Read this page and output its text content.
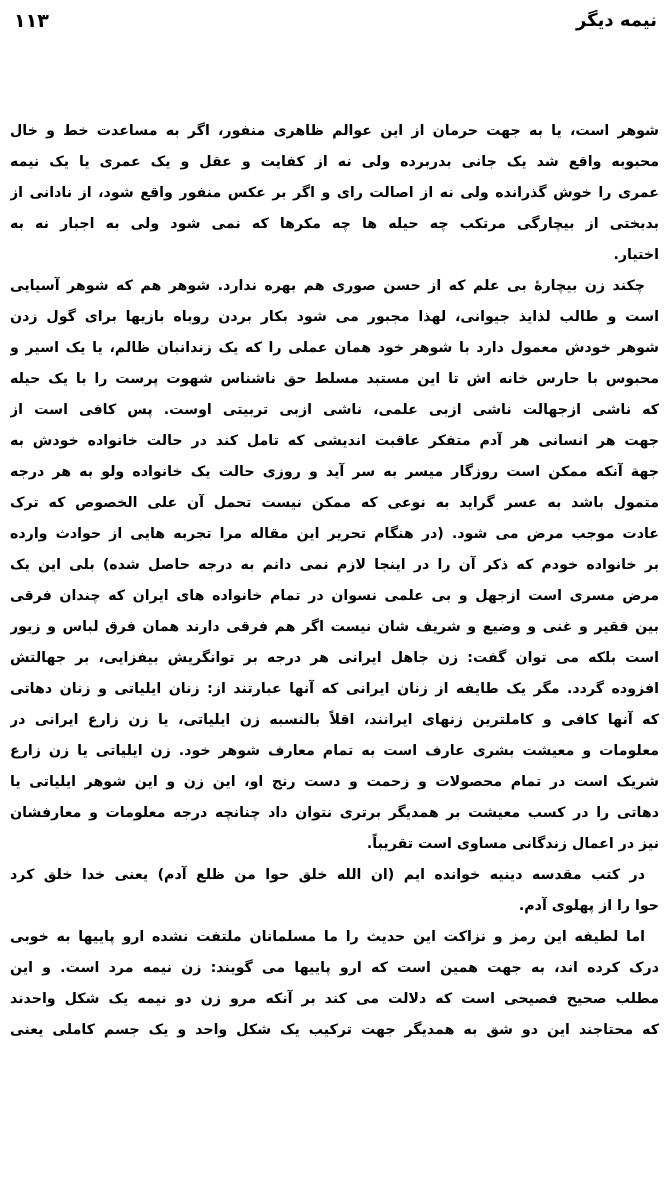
۱۱۳	نیمه دیگر
شوهر است، یا به جهت حرمان از این عوالم ظاهری منفور، اگر به مساعدت خط و خال
محبوبه واقع شد یک جانی بدربرده ولی نه از کفایت و عقل و یک عمری یا یک نیمه
عمری را خوش گذرانده ولی نه از اصالت رای و اگر بر عکس منفور واقع شود، از نادانی از
بدبختی از بیچارگی مرتکب چه حیله ها چه مکرها که نمی شود ولی به اجبار نه به
اختیار.
چکند زن بیچارهٔ بی علم که از حسن صوری هم بهره ندارد. شوهر هم که شوهر آسیایی
است و طالب لذایذ جیوانی، لهذا مجبور می شود بکار بردن روباه بازیها برای گول زدن
شوهر خودش معمول دارد با شوهر خود همان عملی را که یک زندانبان ظالم، یا یک اسیر و
محبوس با حارس خانه اش تا این مستبد مسلط حق ناشناس شهوت پرست را با یک حیله
که ناشی ازجهالت ناشی ازبی علمی، ناشی ازبی تربیتی اوست. پس کافی است از
جهت هر انسانی هر آدم متفکر عاقبت اندیشی که تامل کند در حالت خانواده خودش به
جهة آنکه ممکن است روزگار میسر به سر آید و روزی حالت یک خانواده ولو به هر درجه
متمول باشد به عسر گراید به نوعی که ممکن نیست تحمل آن علی الخصوص که ترک
عادت موجب مرض می شود. (در هنگام تحریر این مقاله مرا تجربه هایی از حوادث وارده
بر خانواده خودم که ذکر آن را در اینجا لازم نمی دانم به درجه حاصل شده) بلی این یک
مرض مسری است ازجهل و بی علمی نسوان در تمام خانواده های ایران که چندان فرقی
بین فقیر و غنی و وضیع و شریف شان نیست اگر هم فرقی دارند همان فرق لباس و زیور
است بلکه می توان گفت: زن جاهل ایرانی هر درجه بر توانگریش بیفزایی، بر جهالتش
افزوده گردد. مگر یک طایفه از زنان ایرانی که آنها عبارتند از: زنان ایلیاتی و زنان دهاتی
که آنها کافی و کاملترین زنهای ایرانند، اقلاً بالنسبه زن ایلیاتی، یا زن زارع ایرانی در
معلومات و معیشت بشری عارف است به تمام معارف شوهر خود. زن ایلیاتی یا زن زارع
شریک است در تمام محصولات و زحمت و دست رنج او، این زن و این شوهر ایلیاتی یا
دهاتی را در کسب معیشت بر همدیگر برتری نتوان داد چنانچه درجه معلومات و معارفشان
نیز در اعمال زندگانی مساوی است تقریباً.
در کتب مقدسه دینیه خوانده ایم (ان الله خلق حوا من ظلع آدم) یعنی خدا خلق کرد
حوا را از پهلوی آدم.
اما لطیفه این رمز و نزاکت این حدیث را ما مسلمانان ملتفت نشده ارو پاییها به خوبی
درک کرده اند، به جهت همین است که ارو پاییها می گویند: زن نیمه مرد است. و این
مطلب صحیح فصیحی است که دلالت می کند بر آنکه مرو زن دو نیمه یک شکل واحدند
که محتاجند این دو شق به همدیگر جهت ترکیب یک شکل واحد و یک جسم کاملی یعنی
